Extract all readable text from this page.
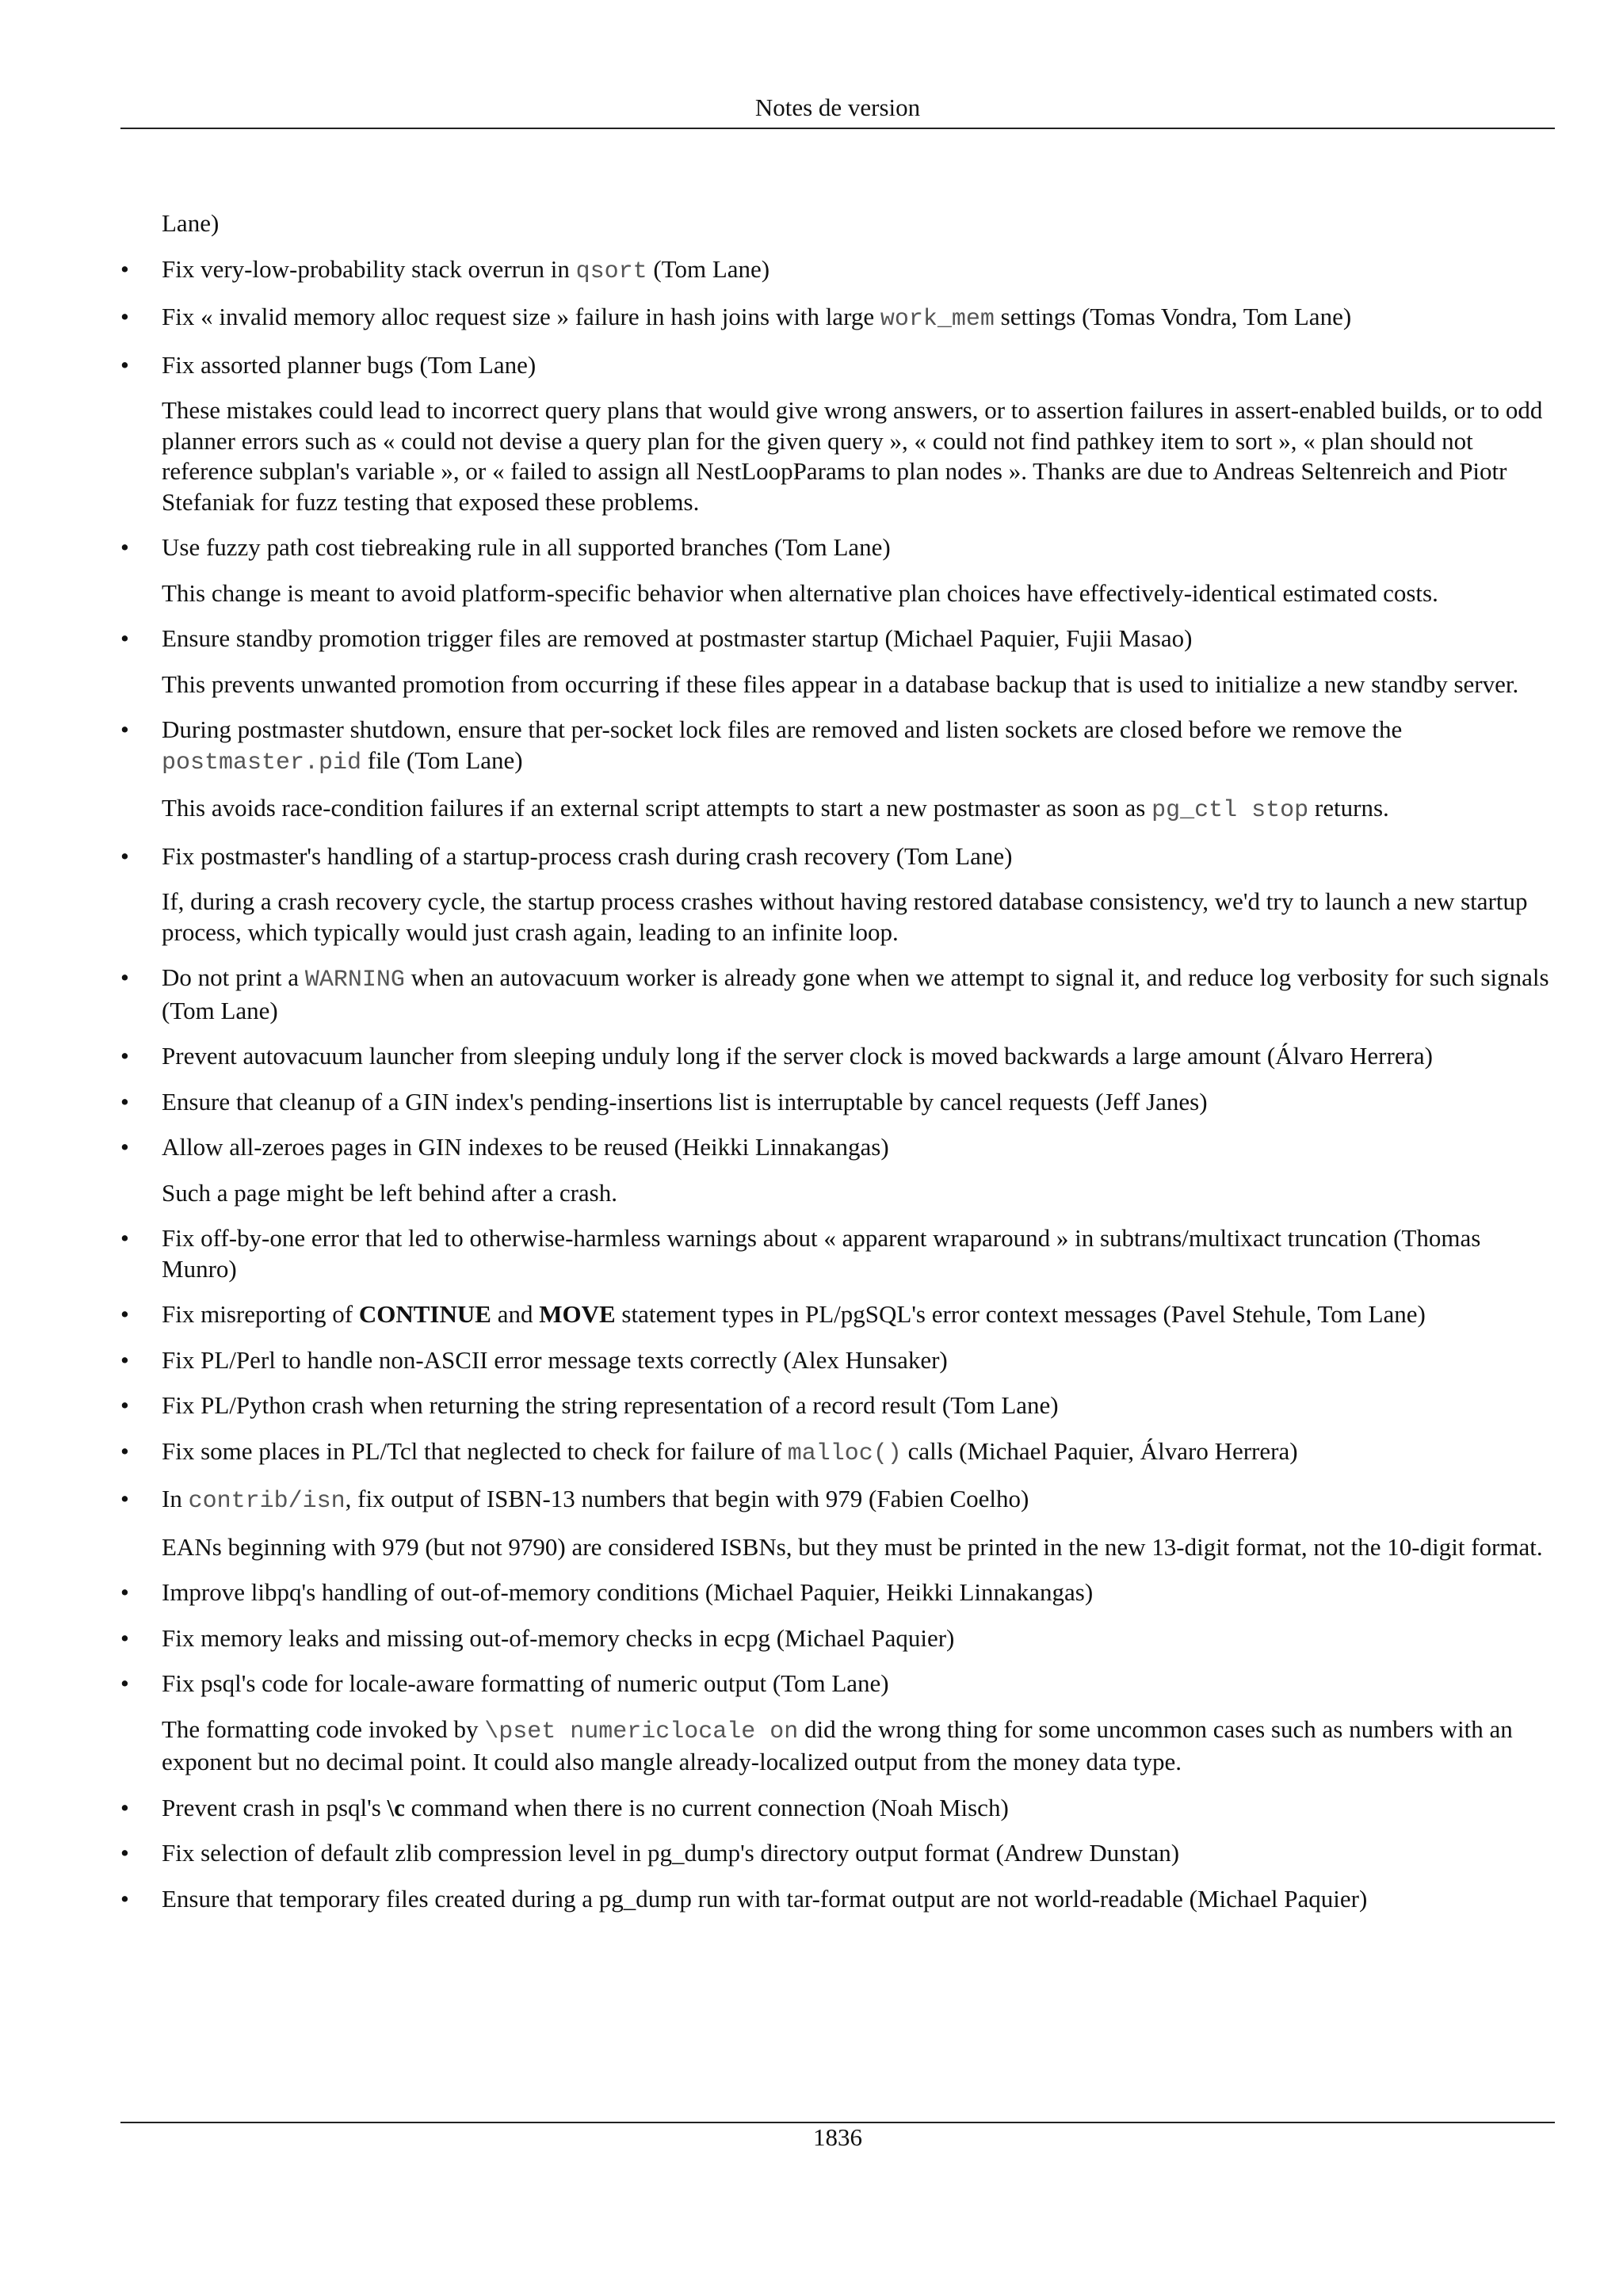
Notes de version
Lane)
• Fix very-low-probability stack overrun in qsort (Tom Lane)
• Fix « invalid memory alloc request size » failure in hash joins with large work_mem settings (Tomas Vondra, Tom Lane)
• Fix assorted planner bugs (Tom Lane)
These mistakes could lead to incorrect query plans that would give wrong answers, or to assertion failures in assert-enabled builds, or to odd planner errors such as « could not devise a query plan for the given query », « could not find pathkey item to sort », « plan should not reference subplan's variable », or « failed to assign all NestLoopParams to plan nodes ». Thanks are due to Andreas Seltenreich and Piotr Stefaniak for fuzz testing that exposed these problems.
• Use fuzzy path cost tiebreaking rule in all supported branches (Tom Lane)
This change is meant to avoid platform-specific behavior when alternative plan choices have effectively-identical estimated costs.
• Ensure standby promotion trigger files are removed at postmaster startup (Michael Paquier, Fujii Masao)
This prevents unwanted promotion from occurring if these files appear in a database backup that is used to initialize a new standby server.
• During postmaster shutdown, ensure that per-socket lock files are removed and listen sockets are closed before we remove the postmaster.pid file (Tom Lane)
This avoids race-condition failures if an external script attempts to start a new postmaster as soon as pg_ctl stop returns.
• Fix postmaster's handling of a startup-process crash during crash recovery (Tom Lane)
If, during a crash recovery cycle, the startup process crashes without having restored database consistency, we'd try to launch a new startup process, which typically would just crash again, leading to an infinite loop.
• Do not print a WARNING when an autovacuum worker is already gone when we attempt to signal it, and reduce log verbosity for such signals (Tom Lane)
• Prevent autovacuum launcher from sleeping unduly long if the server clock is moved backwards a large amount (Álvaro Herrera)
• Ensure that cleanup of a GIN index's pending-insertions list is interruptable by cancel requests (Jeff Janes)
• Allow all-zeroes pages in GIN indexes to be reused (Heikki Linnakangas)
Such a page might be left behind after a crash.
• Fix off-by-one error that led to otherwise-harmless warnings about « apparent wraparound » in subtrans/multixact truncation (Thomas Munro)
• Fix misreporting of CONTINUE and MOVE statement types in PL/pgSQL's error context messages (Pavel Stehule, Tom Lane)
• Fix PL/Perl to handle non-ASCII error message texts correctly (Alex Hunsaker)
• Fix PL/Python crash when returning the string representation of a record result (Tom Lane)
• Fix some places in PL/Tcl that neglected to check for failure of malloc() calls (Michael Paquier, Álvaro Herrera)
• In contrib/isn, fix output of ISBN-13 numbers that begin with 979 (Fabien Coelho)
EANs beginning with 979 (but not 9790) are considered ISBNs, but they must be printed in the new 13-digit format, not the 10-digit format.
• Improve libpq's handling of out-of-memory conditions (Michael Paquier, Heikki Linnakangas)
• Fix memory leaks and missing out-of-memory checks in ecpg (Michael Paquier)
• Fix psql's code for locale-aware formatting of numeric output (Tom Lane)
The formatting code invoked by \pset numericlocale on did the wrong thing for some uncommon cases such as numbers with an exponent but no decimal point. It could also mangle already-localized output from the money data type.
• Prevent crash in psql's \c command when there is no current connection (Noah Misch)
• Fix selection of default zlib compression level in pg_dump's directory output format (Andrew Dunstan)
• Ensure that temporary files created during a pg_dump run with tar-format output are not world-readable (Michael Paquier)
1836
